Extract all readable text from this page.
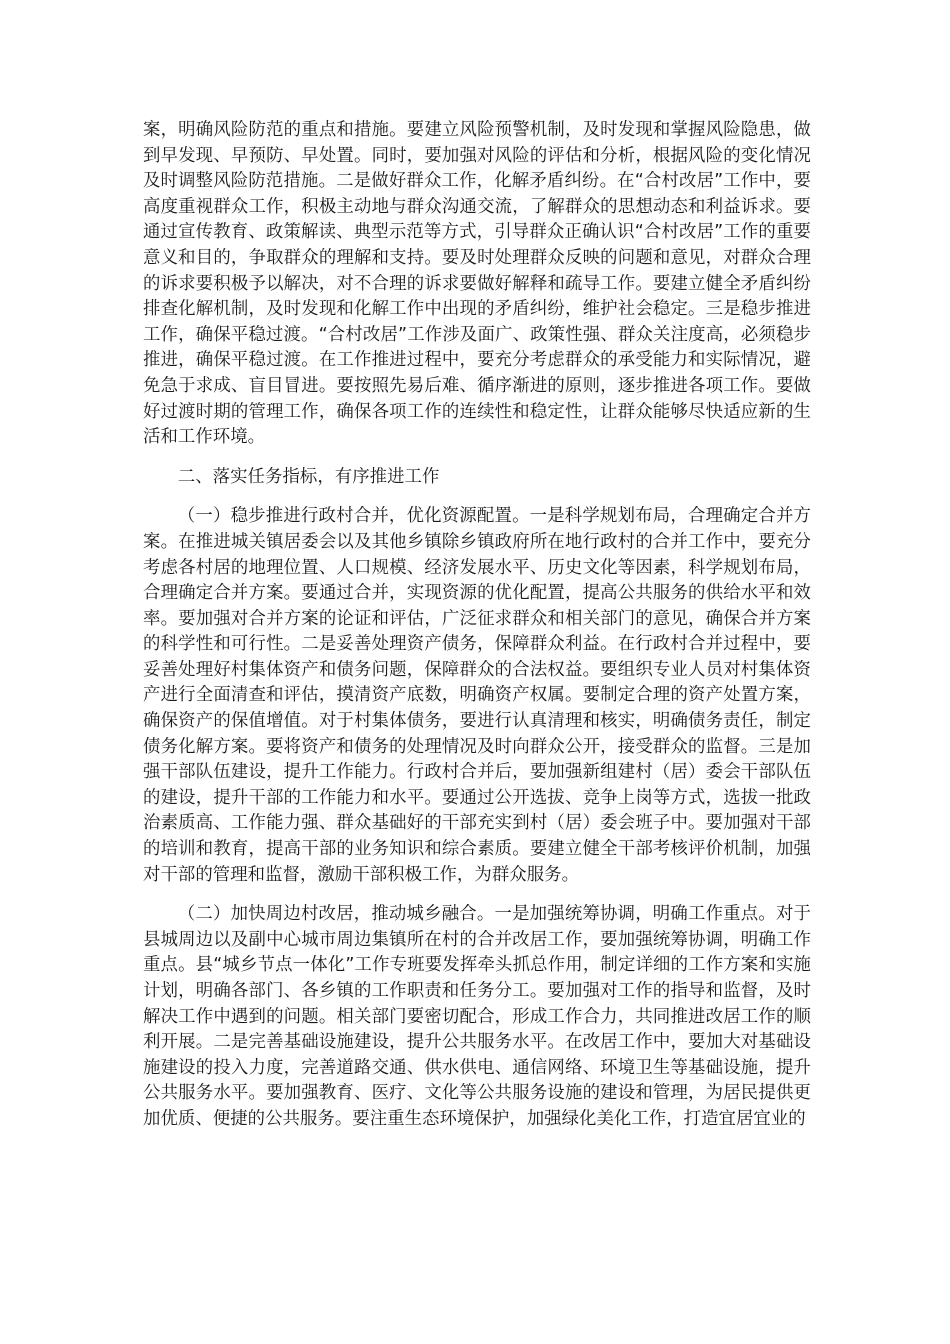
案，明确风险防范的重点和措施。要建立风险预警机制，及时发现和掌握风险隐患，做到早发现、早预防、早处置。同时，要加强对风险的评估和分析，根据风险的变化情况及时调整风险防范措施。二是做好群众工作，化解矛盾纠纷。在“合村改居”工作中，要高度重视群众工作，积极主动地与群众沟通交流，了解群众的思想动态和利益诉求。要通过宣传教育、政策解读、典型示范等方式，引导群众正确认识“合村改居”工作的重要意义和目的，争取群众的理解和支持。要及时处理群众反映的问题和意见，对群众合理的诉求要积极予以解决，对不合理的诉求要做好解释和疏导工作。要建立健全矛盾纠纷排查化解机制，及时发现和化解工作中出现的矛盾纠纷，维护社会稳定。三是稳步推进工作，确保平稳过渡。“合村改居”工作涉及面广、政策性强、群众关注度高，必须稳步推进，确保平稳过渡。在工作推进过程中，要充分考虑群众的承受能力和实际情况，避免急于求成、盲目冒进。要按照先易后难、循序渐进的原则，逐步推进各项工作。要做好过渡时期的管理工作，确保各项工作的连续性和稳定性，让群众能够尽快适应新的生活和工作环境。

二、落实任务指标，有序推进工作

（一）稳步推进行政村合并，优化资源配置。一是科学规划布局，合理确定合并方案。在推进城关镇居委会以及其他乡镇除乡镇政府所在地行政村的合并工作中，要充分考虑各村居的地理位置、人口规模、经济发展水平、历史文化等因素，科学规划布局，合理确定合并方案。要通过合并，实现资源的优化配置，提高公共服务的供给水平和效率。要加强对合并方案的论证和评估，广泛征求群众和相关部门的意见，确保合并方案的科学性和可行性。二是妥善处理资产债务，保障群众利益。在行政村合并过程中，要妥善处理好村集体资产和债务问题，保障群众的合法权益。要组织专业人员对村集体资产进行全面清查和评估，摸清资产底数，明确资产权属。要制定合理的资产处置方案，确保资产的保值增值。对于村集体债务，要进行认真清理和核实，明确债务责任，制定债务化解方案。要将资产和债务的处理情况及时向群众公开，接受群众的监督。三是加强干部队伍建设，提升工作能力。行政村合并后，要加强新组建村（居）委会干部队伍的建设，提升干部的工作能力和水平。要通过公开选拔、竞争上岗等方式，选拔一批政治素质高、工作能力强、群众基础好的干部充实到村（居）委会班子中。要加强对干部的培训和教育，提高干部的业务知识和综合素质。要建立健全干部考核评价机制，加强对干部的管理和监督，激励干部积极工作，为群众服务。

（二）加快周边村改居，推动城乡融合。一是加强统筹协调，明确工作重点。对于县城周边以及副中心城市周边集镇所在村的合并改居工作，要加强统筹协调，明确工作重点。县“城乡节点一体化”工作专班要发挥牵头抓总作用，制定详细的工作方案和实施计划，明确各部门、各乡镇的工作职责和任务分工。要加强对工作的指导和监督，及时解决工作中遇到的问题。相关部门要密切配合，形成工作合力，共同推进改居工作的顺利开展。二是完善基础设施建设，提升公共服务水平。在改居工作中，要加大对基础设施建设的投入力度，完善道路交通、供水供电、通信网络、环境卫生等基础设施，提升公共服务水平。要加强教育、医疗、文化等公共服务设施的建设和管理，为居民提供更加优质、便捷的公共服务。要注重生态环境保护，加强绿化美化工作，打造宜居宜业的
